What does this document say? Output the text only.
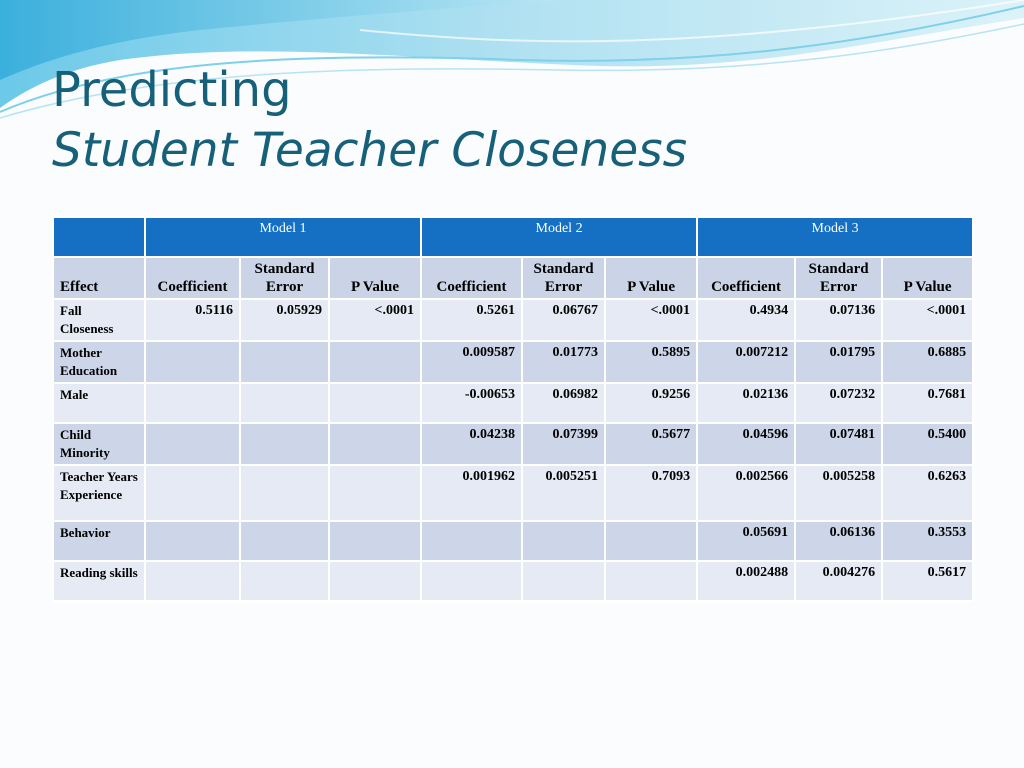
Predicting
Student Teacher Closeness
	Model 1			Model 2			Model 3		
Effect	Coefficient	Standard Error	P Value	Coefficient	Standard Error	P Value	Coefficient	Standard Error	P Value
Fall Closeness	0.5116	0.05929	<.0001	0.5261	0.06767	<.0001	0.4934	0.07136	<.0001
Mother Education				0.009587	0.01773	0.5895	0.007212	0.01795	0.6885
Male				-0.00653	0.06982	0.9256	0.02136	0.07232	0.7681
Child Minority				0.04238	0.07399	0.5677	0.04596	0.07481	0.5400
Teacher Years Experience				0.001962	0.005251	0.7093	0.002566	0.005258	0.6263
Behavior							0.05691	0.06136	0.3553
Reading skills							0.002488	0.004276	0.5617
